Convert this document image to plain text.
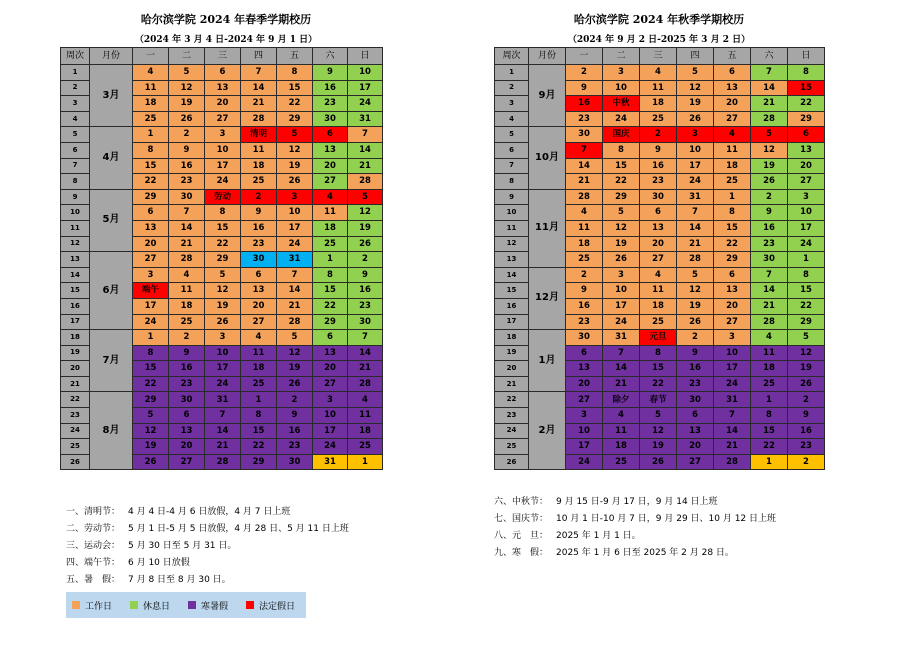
哈尔滨学院 2024 年春季学期校历
（2024 年 3 月 4 日-2024 年 9 月 1 日）
周次	月份	一	二	三	四	五	六	日
1	3月	4	5	6	7	8	9	10
2		11	12	13	14	15	16	17
3		18	19	20	21	22	23	24
4		25	26	27	28	29	30	31
5	4月	1	2	3	清明	5	6	7
6		8	9	10	11	12	13	14
7		15	16	17	18	19	20	21
8		22	23	24	25	26	27	28
9	5月	29	30	劳动	2	3	4	5
10		6	7	8	9	10	11	12
11		13	14	15	16	17	18	19
12		20	21	22	23	24	25	26
13	6月	27	28	29	30	31	1	2
14		3	4	5	6	7	8	9
15		端午	11	12	13	14	15	16
16		17	18	19	20	21	22	23
17		24	25	26	27	28	29	30
18	7月	1	2	3	4	5	6	7
19		8	9	10	11	12	13	14
20		15	16	17	18	19	20	21
21		22	23	24	25	26	27	28
22	8月	29	30	31	1	2	3	4
23		5	6	7	8	9	10	11
24		12	13	14	15	16	17	18
25		19	20	21	22	23	24	25
26		26	27	28	29	30	31	1
一、清明节： 4 月 4 日-4 月 6 日放假，4 月 7 日上班
二、劳动节： 5 月 1 日-5 月 5 日放假，4 月 28 日、5 月 11 日上班
三、运动会： 5 月 30 日至 5 月 31 日。
四、端午节： 6 月 10 日放假
五、暑　假： 7 月 8 日至 8 月 30 日。
工作日	休息日	寒暑假	法定假日
哈尔滨学院 2024 年秋季学期校历
（2024 年 9 月 2 日-2025 年 3 月 2 日）
周次	月份	一	二	三	四	五	六	日
1	9月	2	3	4	5	6	7	8
2		9	10	11	12	13	14	15
3		16	中秋	18	19	20	21	22
4		23	24	25	26	27	28	29
5	10月	30	国庆	2	3	4	5	6
6		7	8	9	10	11	12	13
7		14	15	16	17	18	19	20
8		21	22	23	24	25	26	27
9	11月	28	29	30	31	1	2	3
10		4	5	6	7	8	9	10
11		11	12	13	14	15	16	17
12		18	19	20	21	22	23	24
13		25	26	27	28	29	30	1
14	12月	2	3	4	5	6	7	8
15		9	10	11	12	13	14	15
16		16	17	18	19	20	21	22
17		23	24	25	26	27	28	29
18	1月	30	31	元旦	2	3	4	5
19		6	7	8	9	10	11	12
20		13	14	15	16	17	18	19
21		20	21	22	23	24	25	26
22	2月	27	除夕	春节	30	31	1	2
23		3	4	5	6	7	8	9
24		10	11	12	13	14	15	16
25		17	18	19	20	21	22	23
26		24	25	26	27	28	1	2
六、中秋节： 9 月 15 日-9 月 17 日，9 月 14 日上班
七、国庆节： 10 月 1 日-10 月 7 日，9 月 29 日、10 月 12 日上班
八、元　旦： 2025 年 1 月 1 日。
九、寒　假： 2025 年 1 月 6 日至 2025 年 2 月 28 日。
